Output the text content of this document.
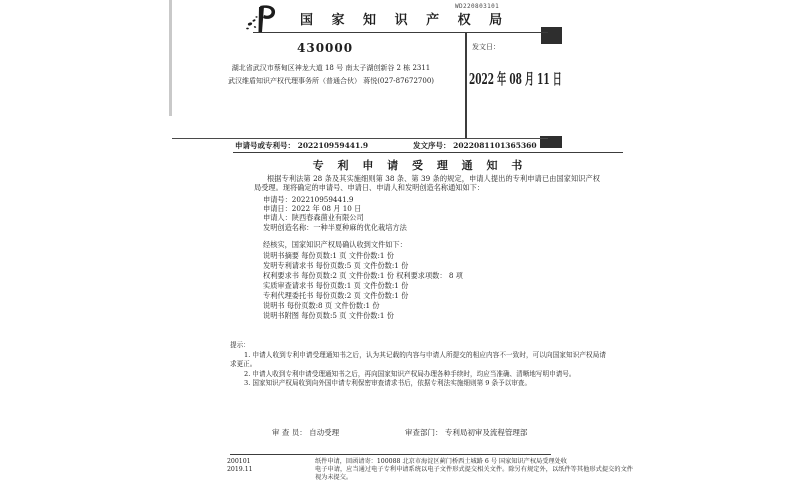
WD220803101
国 家 知 识 产 权 局
430000
湖北省武汉市蔡甸区神龙大道 18 号 南太子湖创新谷 2 栋 2311
武汉维盾知识产权代理事务所（普通合伙） 蒋悦(027-87672700)
发文日：
2022 年 08 月 11 日
申请号或专利号： 202210959441.9	发文序号： 2022081101365360
专 利 申 请 受 理 通 知 书

根据专利法第 28 条及其实施细则第 38 条、第 39 条的规定，申请人提出的专利申请已由国家知识产权局受理。现将确定的申请号、申请日、申请人和发明创造名称通知如下：

申请号：202210959441.9
申请日：2022 年 08 月 10 日
申请人：陕西春森菌业有限公司
发明创造名称：一种半夏种麻的优化栽培方法
经核实，国家知识产权局确认收到文件如下：
说明书摘要 每份页数:1 页 文件份数:1 份
发明专利请求书 每份页数:5 页 文件份数:1 份
权利要求书 每份页数:2 页 文件份数:1 份 权利要求项数： 8 项
实质审查请求书 每份页数:1 页 文件份数:1 份
专利代理委托书 每份页数:2 页 文件份数:1 份
说明书 每份页数:8 页 文件份数:1 份
说明书附图 每份页数:5 页 文件份数:1 份

提示：

1. 申请人收到专利申请受理通知书之后，认为其记载的内容与申请人所提交的相应内容不一致时，可以向国家知识产权局请求更正。

2. 申请人收到专利申请受理通知书之后，再向国家知识产权局办理各种手续时，均应当准确、清晰地写明申请号。

3. 国家知识产权局收到向外国申请专利保密审查请求书后，依据专利法实施细则第 9 条予以审查。

审 查 员： 自动受理	审查部门： 专利局初审及流程管理部
200101	纸件申请，回函请寄：100088 北京市海淀区蓟门桥西土城路 6 号 国家知识产权局受理处收
2019.11	电子申请，应当通过电子专利申请系统以电子文件形式提交相关文件。除另有规定外，以纸件等其他形式提交的文件视为未提交。
